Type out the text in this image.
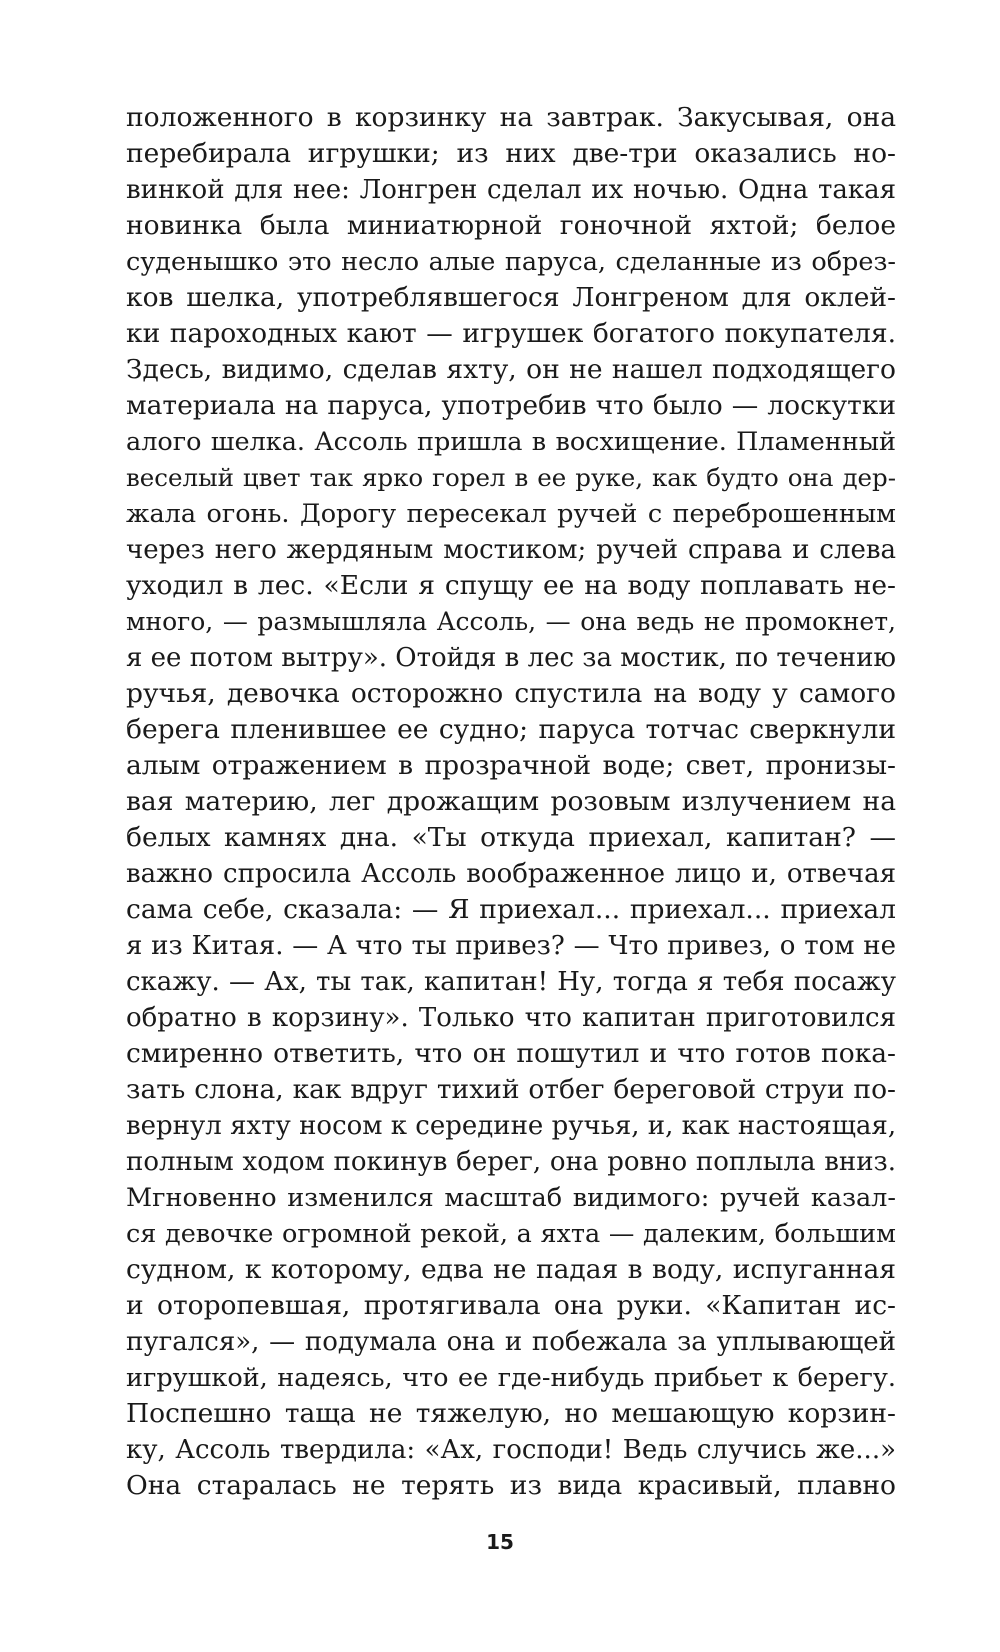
положенного в корзинку на завтрак. Закусывая, она
перебирала игрушки; из них две-три оказались но-
винкой для нее: Лонгрен сделал их ночью. Одна такая
новинка была миниатюрной гоночной яхтой; белое
суденышко это несло алые паруса, сделанные из обрез-
ков шелка, употреблявшегося Лонгреном для оклей-
ки пароходных кают — игрушек богатого покупателя.
Здесь, видимо, сделав яхту, он не нашел подходящего
материала на паруса, употребив что было — лоскутки
алого шелка. Ассоль пришла в восхищение. Пламенный
веселый цвет так ярко горел в ее руке, как будто она дер-
жала огонь. Дорогу пересекал ручей с переброшенным
через него жердяным мостиком; ручей справа и слева
уходил в лес. «Если я спущу ее на воду поплавать не-
много, — размышляла Ассоль, — она ведь не промокнет,
я ее потом вытру». Отойдя в лес за мостик, по течению
ручья, девочка осторожно спустила на воду у самого
берега пленившее ее судно; паруса тотчас сверкнули
алым отражением в прозрачной воде; свет, пронизы-
вая материю, лег дрожащим розовым излучением на
белых камнях дна. «Ты откуда приехал, капитан? —
важно спросила Ассоль воображенное лицо и, отвечая
сама себе, сказала: — Я приехал... приехал... приехал
я из Китая. — А что ты привез? — Что привез, о том не
скажу. — Ах, ты так, капитан! Ну, тогда я тебя посажу
обратно в корзину». Только что капитан приготовился
смиренно ответить, что он пошутил и что готов пока-
зать слона, как вдруг тихий отбег береговой струи по-
вернул яхту носом к середине ручья, и, как настоящая,
полным ходом покинув берег, она ровно поплыла вниз.
Мгновенно изменился масштаб видимого: ручей казал-
ся девочке огромной рекой, а яхта — далеким, большим
судном, к которому, едва не падая в воду, испуганная
и оторопевшая, протягивала она руки. «Капитан ис-
пугался», — подумала она и побежала за уплывающей
игрушкой, надеясь, что ее где-нибудь прибьет к берегу.
Поспешно таща не тяжелую, но мешающую корзин-
ку, Ассоль твердила: «Ах, господи! Ведь случись же...»
Она старалась не терять из вида красивый, плавно
15
